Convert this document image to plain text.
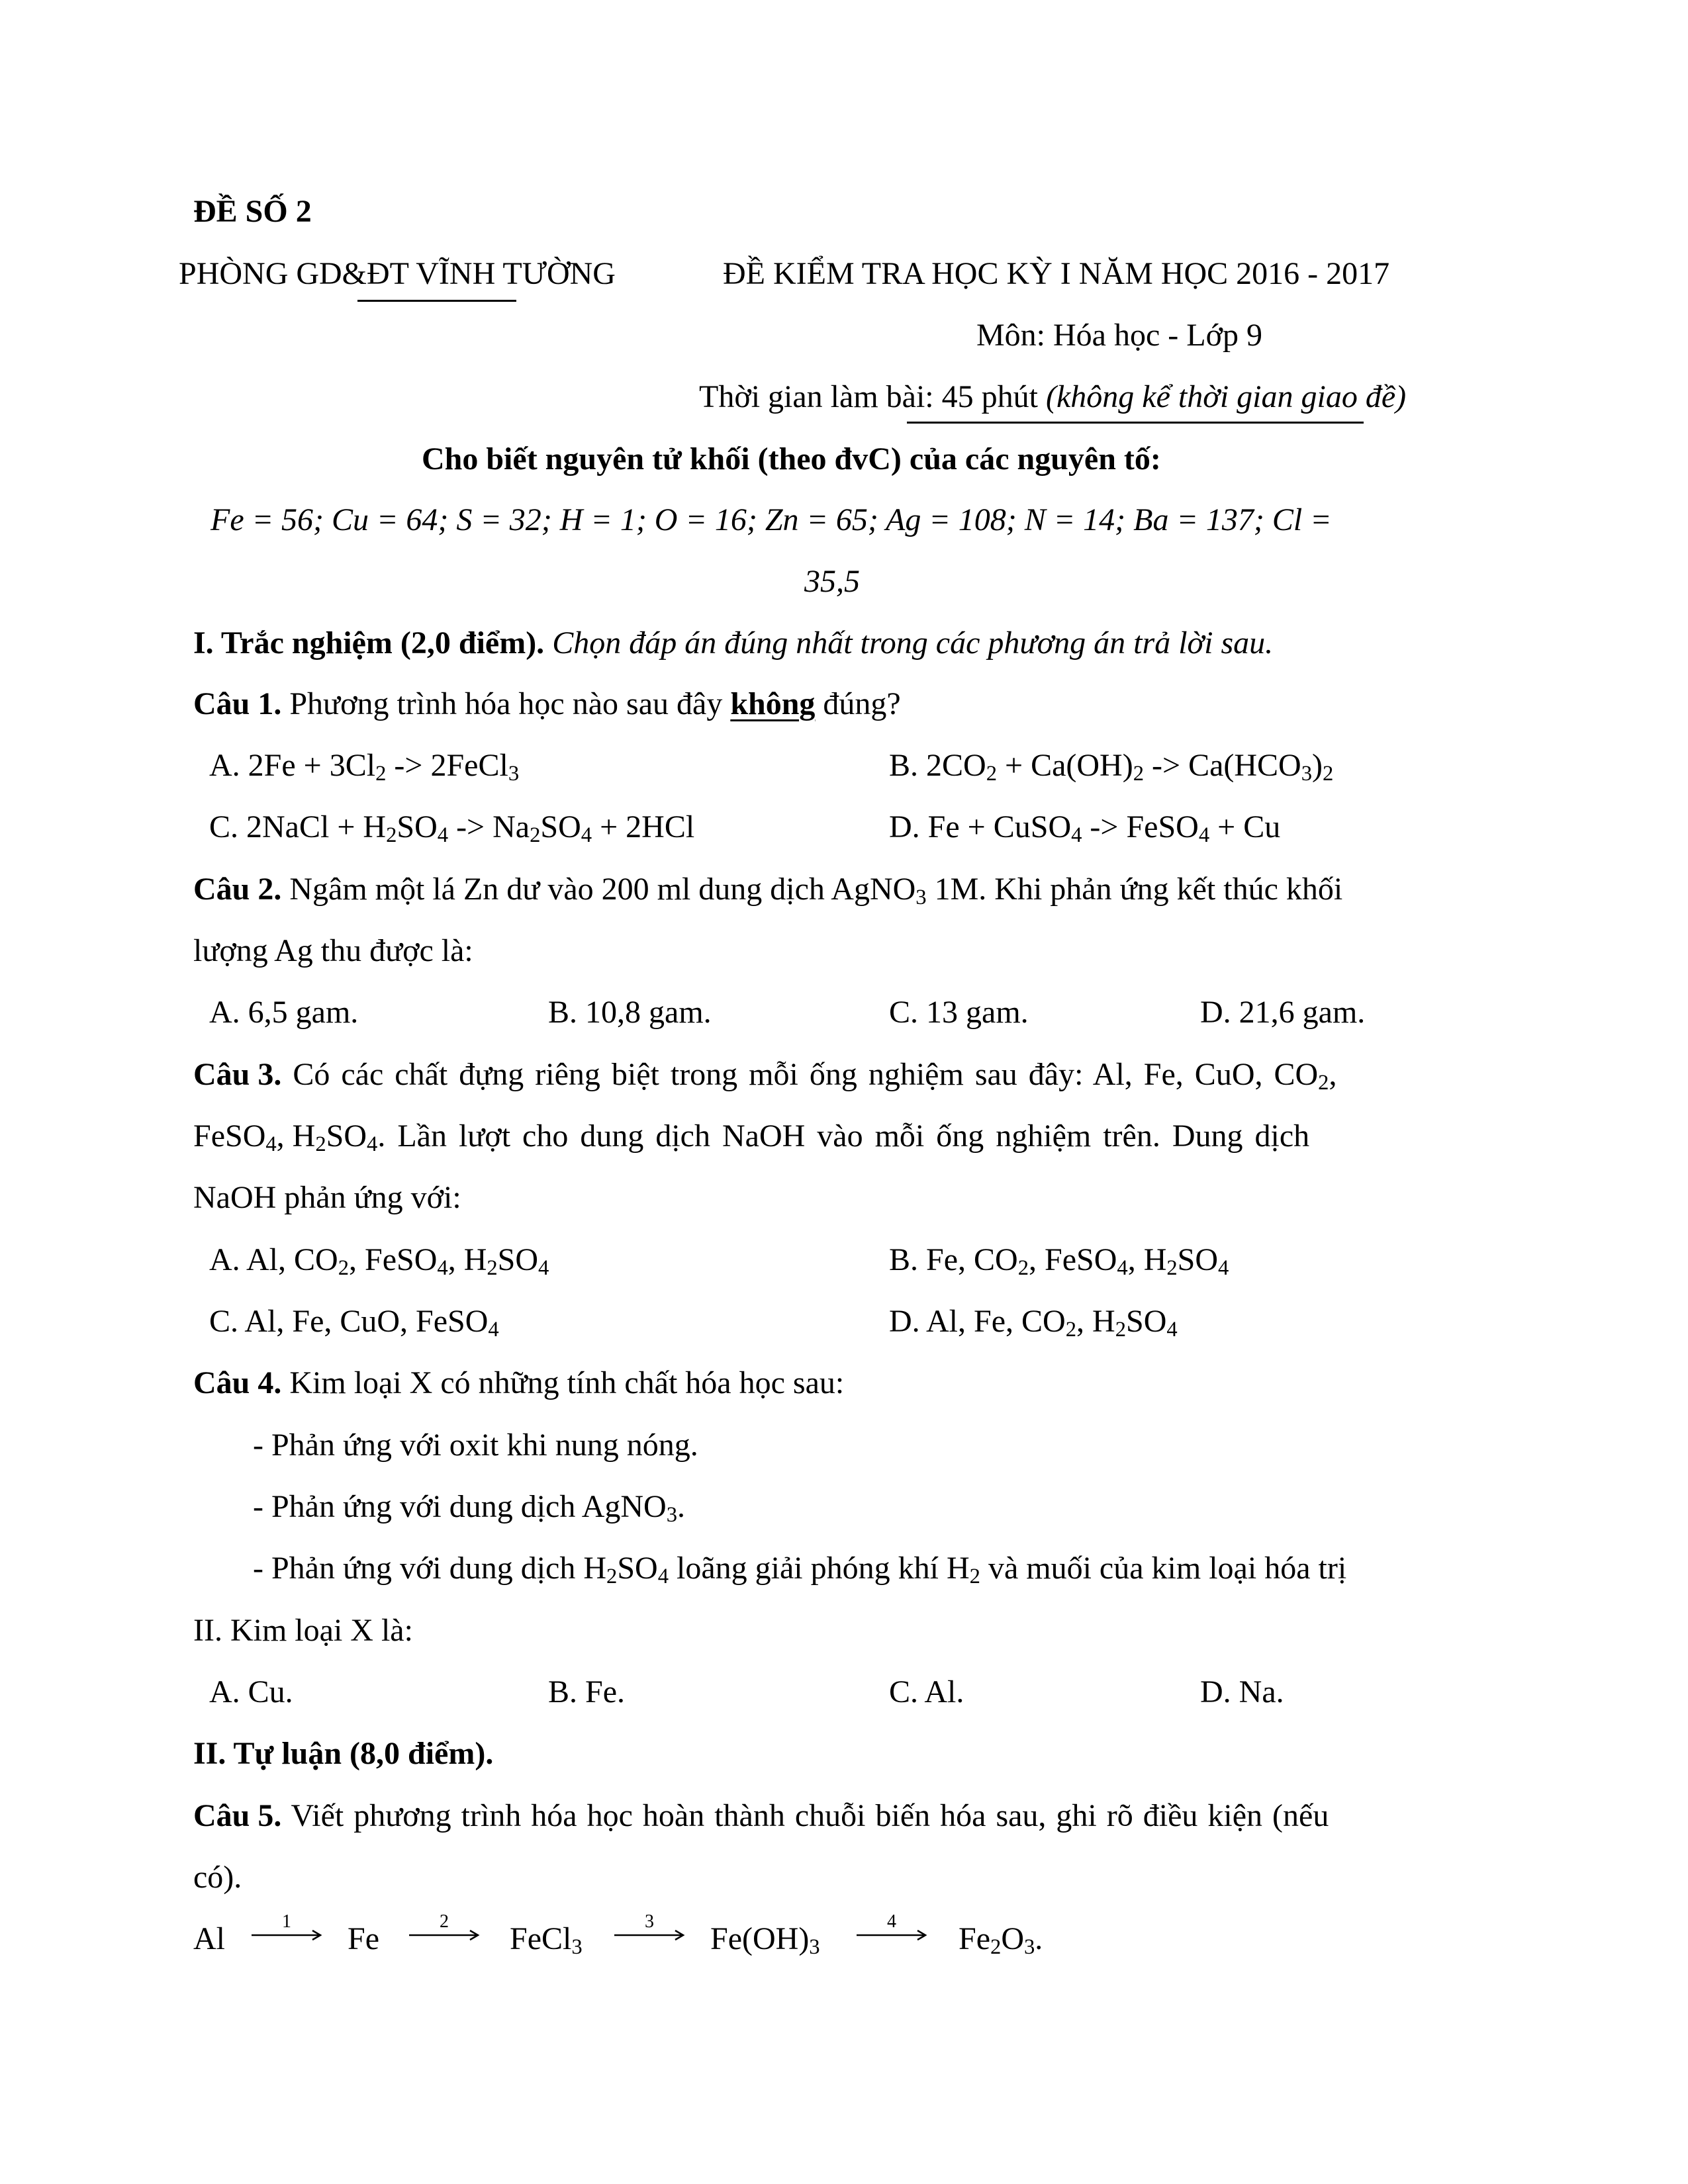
ĐỀ SỐ 2
PHÒNG GD&ĐT VĨNH TƯỜNG	ĐỀ KIỂM TRA HỌC KỲ I NĂM HỌC 2016 - 2017
Môn: Hóa học - Lớp 9
Thời gian làm bài: 45 phút (không kể thời gian giao đề)
Cho biết nguyên tử khối (theo đvC) của các nguyên tố:
Fe = 56; Cu = 64; S = 32; H = 1; O = 16; Zn = 65; Ag = 108; N = 14; Ba = 137; Cl =
35,5
I. Trắc nghiệm (2,0 điểm). Chọn đáp án đúng nhất trong các phương án trả lời sau.
Câu 1. Phương trình hóa học nào sau đây không đúng?
A. $2Fe + 3Cl_2$ -> 2FeCl$_3$	B. $2CO_2 + Ca(OH)_2 -> Ca(HCO_3)_2$
C. 2NaCl + $H_2SO_4 -> Na_2SO_4 + 2HCl$	D. Fe + CuSO$_4$ -> FeSO$_4$ + Cu
Câu 2. Ngâm một lá Zn dư vào 200 ml dung dịch AgNO$_3$ 1M. Khi phản ứng kết thúc khối
lượng Ag thu được là:
A. 6,5 gam.	B. 10,8 gam.	C. 13 gam.	D. 21,6 gam.
Câu 3. Có các chất đựng riêng biệt trong mỗi ống nghiệm sau đây: Al, Fe, CuO, $CO_2$,
FeSO$_4$, $H_2SO_4$. Lần lượt cho dung dịch NaOH vào mỗi ống nghiệm trên. Dung dịch
NaOH phản ứng với:
A. Al, $CO_2$, FeSO$_4$, $H_2SO_4$	B. Fe, $CO_2$, FeSO$_4$, $H_2SO_4$
C. Al, Fe, CuO, FeSO$_4$	D. Al, Fe, $CO_2$, $H_2SO_4$
Câu 4. Kim loại X có những tính chất hóa học sau:
- Phản ứng với oxit khi nung nóng.
- Phản ứng với dung dịch AgNO$_3$.
- Phản ứng với dung dịch $H_2SO_4$ loãng giải phóng khí $H_2$ và muối của kim loại hóa trị
II. Kim loại X là:
A. Cu.	B. Fe.	C. Al.	D. Na.
II. Tự luận (8,0 điểm).
Câu 5. Viết phương trình hóa học hoàn thành chuỗi biến hóa sau, ghi rõ điều kiện (nếu
có).
Al	1	Fe	2	FeCl$_3$
3	$Fe(OH)_3$
4	$Fe_2O_3$.
